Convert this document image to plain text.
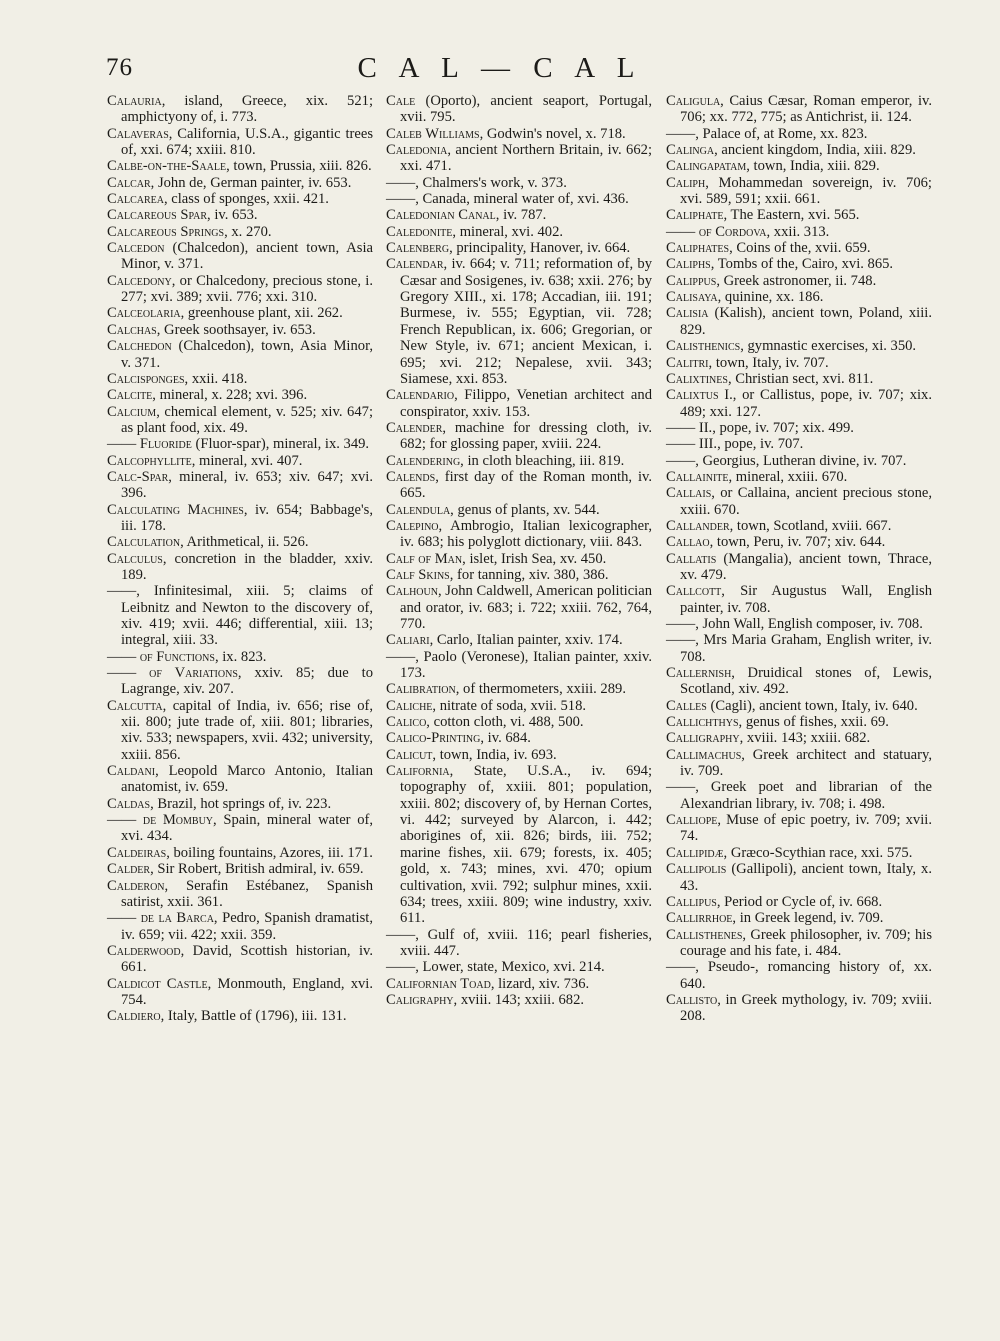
76	C A L — C A L

Calauria, island, Greece, xix. 521; amphictyony of, i. 773.

Calaveras, California, U.S.A., gigantic trees of, xxi. 674; xxiii. 810.

Calbe-on-the-Saale, town, Prussia, xiii. 826.

Calcar, John de, German painter, iv. 653.

Calcarea, class of sponges, xxii. 421.

Calcareous Spar, iv. 653.

Calcareous Springs, x. 270.

Calcedon (Chalcedon), ancient town, Asia Minor, v. 371.

Calcedony, or Chalcedony, precious stone, i. 277; xvi. 389; xvii. 776; xxi. 310.

Calceolaria, greenhouse plant, xii. 262.

Calchas, Greek soothsayer, iv. 653.

Calchedon (Chalcedon), town, Asia Minor, v. 371.

Calcisponges, xxii. 418.

Calcite, mineral, x. 228; xvi. 396.

Calcium, chemical element, v. 525; xiv. 647; as plant food, xix. 49.

—— Fluoride (Fluor-spar), mineral, ix. 349.

Calcophyllite, mineral, xvi. 407.

Calc-Spar, mineral, iv. 653; xiv. 647; xvi. 396.

Calculating Machines, iv. 654; Babbage's, iii. 178.

Calculation, Arithmetical, ii. 526.

Calculus, concretion in the bladder, xxiv. 189.

——, Infinitesimal, xiii. 5; claims of Leibnitz and Newton to the discovery of, xiv. 419; xvii. 446; differential, xiii. 13; integral, xiii. 33.

—— of Functions, ix. 823.

—— of Variations, xxiv. 85; due to Lagrange, xiv. 207.

Calcutta, capital of India, iv. 656; rise of, xii. 800; jute trade of, xiii. 801; libraries, xiv. 533; newspapers, xvii. 432; university, xxiii. 856.

Caldani, Leopold Marco Antonio, Italian anatomist, iv. 659.

Caldas, Brazil, hot springs of, iv. 223.

—— de Mombuy, Spain, mineral water of, xvi. 434.

Caldeiras, boiling fountains, Azores, iii. 171.

Calder, Sir Robert, British admiral, iv. 659.

Calderon, Serafin Estébanez, Spanish satirist, xxii. 361.

—— de la Barca, Pedro, Spanish dramatist, iv. 659; vii. 422; xxii. 359.

Calderwood, David, Scottish historian, iv. 661.

Caldicot Castle, Monmouth, England, xvi. 754.

Caldiero, Italy, Battle of (1796), iii. 131.

Cale (Oporto), ancient seaport, Portugal, xvii. 795.

Caleb Williams, Godwin's novel, x. 718.

Caledonia, ancient Northern Britain, iv. 662; xxi. 471.

——, Chalmers's work, v. 373.

——, Canada, mineral water of, xvi. 436.

Caledonian Canal, iv. 787.

Caledonite, mineral, xvi. 402.

Calenberg, principality, Hanover, iv. 664.

Calendar, iv. 664; v. 711; reformation of, by Cæsar and Sosigenes, iv. 638; xxii. 276; by Gregory XIII., xi. 178; Accadian, iii. 191; Burmese, iv. 555; Egyptian, vii. 728; French Republican, ix. 606; Gregorian, or New Style, iv. 671; ancient Mexican, i. 695; xvi. 212; Nepalese, xvii. 343; Siamese, xxi. 853.

Calendario, Filippo, Venetian architect and conspirator, xxiv. 153.

Calender, machine for dressing cloth, iv. 682; for glossing paper, xviii. 224.

Calendering, in cloth bleaching, iii. 819.

Calends, first day of the Roman month, iv. 665.

Calendula, genus of plants, xv. 544.

Calepino, Ambrogio, Italian lexicographer, iv. 683; his polyglott dictionary, viii. 843.

Calf of Man, islet, Irish Sea, xv. 450.

Calf Skins, for tanning, xiv. 380, 386.

Calhoun, John Caldwell, American politician and orator, iv. 683; i. 722; xxiii. 762, 764, 770.

Caliari, Carlo, Italian painter, xxiv. 174.

——, Paolo (Veronese), Italian painter, xxiv. 173.

Calibration, of thermometers, xxiii. 289.

Caliche, nitrate of soda, xvii. 518.

Calico, cotton cloth, vi. 488, 500.

Calico-Printing, iv. 684.

Calicut, town, India, iv. 693.

California, State, U.S.A., iv. 694; topography of, xxiii. 801; population, xxiii. 802; discovery of, by Hernan Cortes, vi. 442; surveyed by Alarcon, i. 442; aborigines of, xii. 826; birds, iii. 752; marine fishes, xii. 679; forests, ix. 405; gold, x. 743; mines, xvi. 470; opium cultivation, xvii. 792; sulphur mines, xxii. 634; trees, xxiii. 809; wine industry, xxiv. 611.

——, Gulf of, xviii. 116; pearl fisheries, xviii. 447.

——, Lower, state, Mexico, xvi. 214.

Californian Toad, lizard, xiv. 736.

Caligraphy, xviii. 143; xxiii. 682.

Caligula, Caius Cæsar, Roman emperor, iv. 706; xx. 772, 775; as Antichrist, ii. 124.

——, Palace of, at Rome, xx. 823.

Calinga, ancient kingdom, India, xiii. 829.

Calingapatam, town, India, xiii. 829.

Caliph, Mohammedan sovereign, iv. 706; xvi. 589, 591; xxii. 661.

Caliphate, The Eastern, xvi. 565.

—— of Cordova, xxii. 313.

Caliphates, Coins of the, xvii. 659.

Caliphs, Tombs of the, Cairo, xvi. 865.

Calippus, Greek astronomer, ii. 748.

Calisaya, quinine, xx. 186.

Calisia (Kalish), ancient town, Poland, xiii. 829.

Calisthenics, gymnastic exercises, xi. 350.

Calitri, town, Italy, iv. 707.

Calixtines, Christian sect, xvi. 811.

Calixtus I., or Callistus, pope, iv. 707; xix. 489; xxi. 127.

—— II., pope, iv. 707; xix. 499.

—— III., pope, iv. 707.

——, Georgius, Lutheran divine, iv. 707.

Callainite, mineral, xxiii. 670.

Callais, or Callaina, ancient precious stone, xxiii. 670.

Callander, town, Scotland, xviii. 667.

Callao, town, Peru, iv. 707; xiv. 644.

Callatis (Mangalia), ancient town, Thrace, xv. 479.

Callcott, Sir Augustus Wall, English painter, iv. 708.

——, John Wall, English composer, iv. 708.

——, Mrs Maria Graham, English writer, iv. 708.

Callernish, Druidical stones of, Lewis, Scotland, xiv. 492.

Calles (Cagli), ancient town, Italy, iv. 640.

Callichthys, genus of fishes, xxii. 69.

Calligraphy, xviii. 143; xxiii. 682.

Callimachus, Greek architect and statuary, iv. 709.

——, Greek poet and librarian of the Alexandrian library, iv. 708; i. 498.

Calliope, Muse of epic poetry, iv. 709; xvii. 74.

Callipidæ, Græco-Scythian race, xxi. 575.

Callipolis (Gallipoli), ancient town, Italy, x. 43.

Callipus, Period or Cycle of, iv. 668.

Callirrhoe, in Greek legend, iv. 709.

Callisthenes, Greek philosopher, iv. 709; his courage and his fate, i. 484.

——, Pseudo-, romancing history of, xx. 640.

Callisto, in Greek mythology, iv. 709; xviii. 208.
